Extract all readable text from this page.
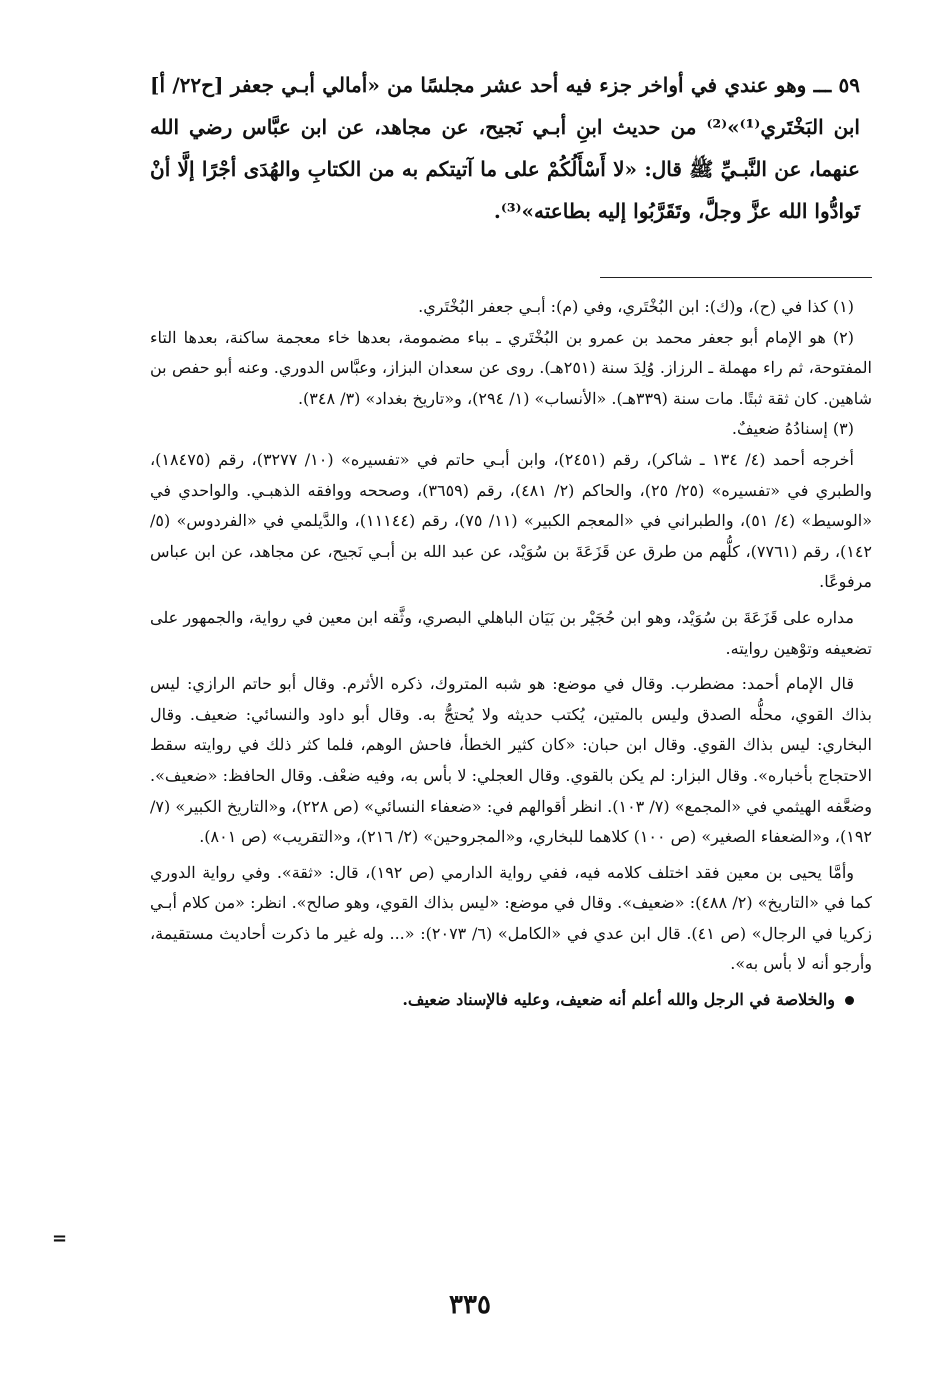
٥٩ ـــ وهو عندي في أواخر جزء فيه أحد عشر مجلسًا من «أمالي أبـي جعفر [ح٢٢/ أ] ابن البَخْتَري⁽¹⁾»⁽²⁾ من حديث ابنِ أبـي نَجيح، عن مجاهد، عن ابن عبَّاس رضي الله عنهما، عن النَّبـيِّ ﷺ قال: «لا أَسْأَلُكُمْ على ما آتيتكم به من الكتابِ والهُدَى أجْرًا إلَّا أنْ تَوادُّوا الله عزَّ وجلَّ، وتَقَرَّبُوا إليه بطاعته»⁽³⁾.

(١) كذا في (ح)، و(ك): ابن البُخْتَري، وفي (م): أبـي جعفر البُخْتَري.

(٢) هو الإمام أبو جعفر محمد بن عمرو بن البُخْتَري ـ بباء مضمومة، بعدها خاء معجمة ساكنة، بعدها التاء المفتوحة، ثم راء مهملة ـ الرزاز. وُلِدَ سنة (٢٥١هـ). روى عن سعدان البزاز، وعبَّاس الدوري. وعنه أبو حفص بن شاهين. كان ثقة ثبتًا. مات سنة (٣٣٩هـ). «الأنساب» (١/ ٢٩٤)، و«تاريخ بغداد» (٣/ ٣٤٨).

(٣) إسنادُهُ ضعيفٌ.

أخرجه أحمد (٤/ ١٣٤ ـ شاكر)، رقم (٢٤٥١)، وابن أبـي حاتم في «تفسيره» (١٠/ ٣٢٧٧)، رقم (١٨٤٧٥)، والطبري في «تفسيره» (٢٥/ ٢٥)، والحاكم (٢/ ٤٨١)، رقم (٣٦٥٩)، وصححه ووافقه الذهبـي. والواحدي في «الوسيط» (٤/ ٥١)، والطبراني في «المعجم الكبير» (١١/ ٧٥)، رقم (١١١٤٤)، والدَّيلمي في «الفردوس» (٥/ ١٤٢)، رقم (٧٧٦١)، كلُّهم من طرق عن قَزَعَةَ بن سُوَيْد، عن عبد الله بن أبـي نَجيح، عن مجاهد، عن ابن عباس مرفوعًا.

مداره على قَزَعَةَ بن سُوَيْد، وهو ابن حُجَيْر بن بَيَان الباهلي البصري، وثَّقه ابن معين في رواية، والجمهور على تضعيفه وتوْهين روايته.

قال الإمام أحمد: مضطرب. وقال في موضع: هو شبه المتروك، ذكره الأثرم. وقال أبو حاتم الرازي: ليس بذاك القوي، محلُّه الصدق وليس بالمتين، يُكتب حديثه ولا يُحتجُّ به. وقال أبو داود والنسائي: ضعيف. وقال البخاري: ليس بذاك القوي. وقال ابن حبان: «كان كثير الخطأ، فاحش الوهم، فلما كثر ذلك في روايته سقط الاحتجاج بأخباره». وقال البزار: لم يكن بالقوي. وقال العجلي: لا بأس به، وفيه ضعْف. وقال الحافظ: «ضعيف». وضعَّفه الهيثمي في «المجمع» (٧/ ١٠٣). انظر أقوالهم في: «ضعفاء النسائي» (ص ٢٢٨)، و«التاريخ الكبير» (٧/ ١٩٢)، و«الضعفاء الصغير» (ص ١٠٠) كلاهما للبخاري، و«المجروحين» (٢/ ٢١٦)، و«التقريب» (ص ٨٠١).

وأمَّا يحيى بن معين فقد اختلف كلامه فيه، ففي رواية الدارمي (ص ١٩٢)، قال: «ثقة». وفي رواية الدوري كما في «التاريخ» (٢/ ٤٨٨): «ضعيف». وقال في موضع: «ليس بذاك القوي، وهو صالح». انظر: «من كلام أبـي زكريا في الرجال» (ص ٤١). قال ابن عدي في «الكامل» (٦/ ٢٠٧٣): «... وله غير ما ذكرت أحاديث مستقيمة، وأرجو أنه لا بأس به».

والخلاصة في الرجل والله أعلم أنه ضعيف، وعليه فالإسناد ضعيف.

=
٣٣٥
